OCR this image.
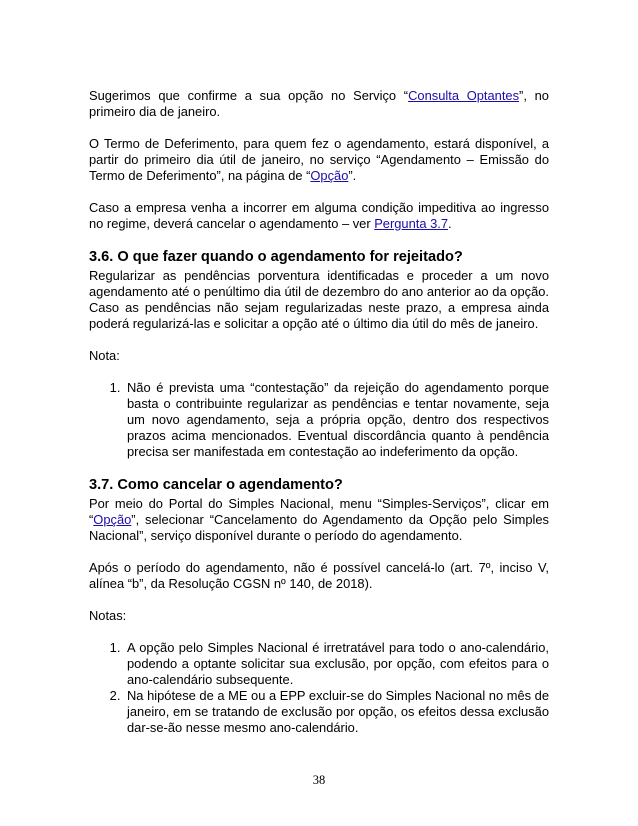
Sugerimos que confirme a sua opção no Serviço “Consulta Optantes”, no primeiro dia de janeiro.

O Termo de Deferimento, para quem fez o agendamento, estará disponível, a partir do primeiro dia útil de janeiro, no serviço “Agendamento – Emissão do Termo de Deferimento”, na página de “Opção”.

Caso a empresa venha a incorrer em alguma condição impeditiva ao ingresso no regime, deverá cancelar o agendamento – ver Pergunta 3.7.

3.6. O que fazer quando o agendamento for rejeitado?

Regularizar as pendências porventura identificadas e proceder a um novo agendamento até o penúltimo dia útil de dezembro do ano anterior ao da opção. Caso as pendências não sejam regularizadas neste prazo, a empresa ainda poderá regularizá-las e solicitar a opção até o último dia útil do mês de janeiro.

Nota:

1. Não é prevista uma “contestação” da rejeição do agendamento porque basta o contribuinte regularizar as pendências e tentar novamente, seja um novo agendamento, seja a própria opção, dentro dos respectivos prazos acima mencionados. Eventual discordância quanto à pendência precisa ser manifestada em contestação ao indeferimento da opção.
3.7. Como cancelar o agendamento?

Por meio do Portal do Simples Nacional, menu “Simples-Serviços”, clicar em “Opção”, selecionar “Cancelamento do Agendamento da Opção pelo Simples Nacional”, serviço disponível durante o período do agendamento.

Após o período do agendamento, não é possível cancelá-lo (art. 7º, inciso V, alínea “b”, da Resolução CGSN nº 140, de 2018).

Notas:

1. A opção pelo Simples Nacional é irretratável para todo o ano-calendário, podendo a optante solicitar sua exclusão, por opção, com efeitos para o ano-calendário subsequente.
2. Na hipótese de a ME ou a EPP excluir-se do Simples Nacional no mês de janeiro, em se tratando de exclusão por opção, os efeitos dessa exclusão dar-se-ão nesse mesmo ano-calendário.
38
